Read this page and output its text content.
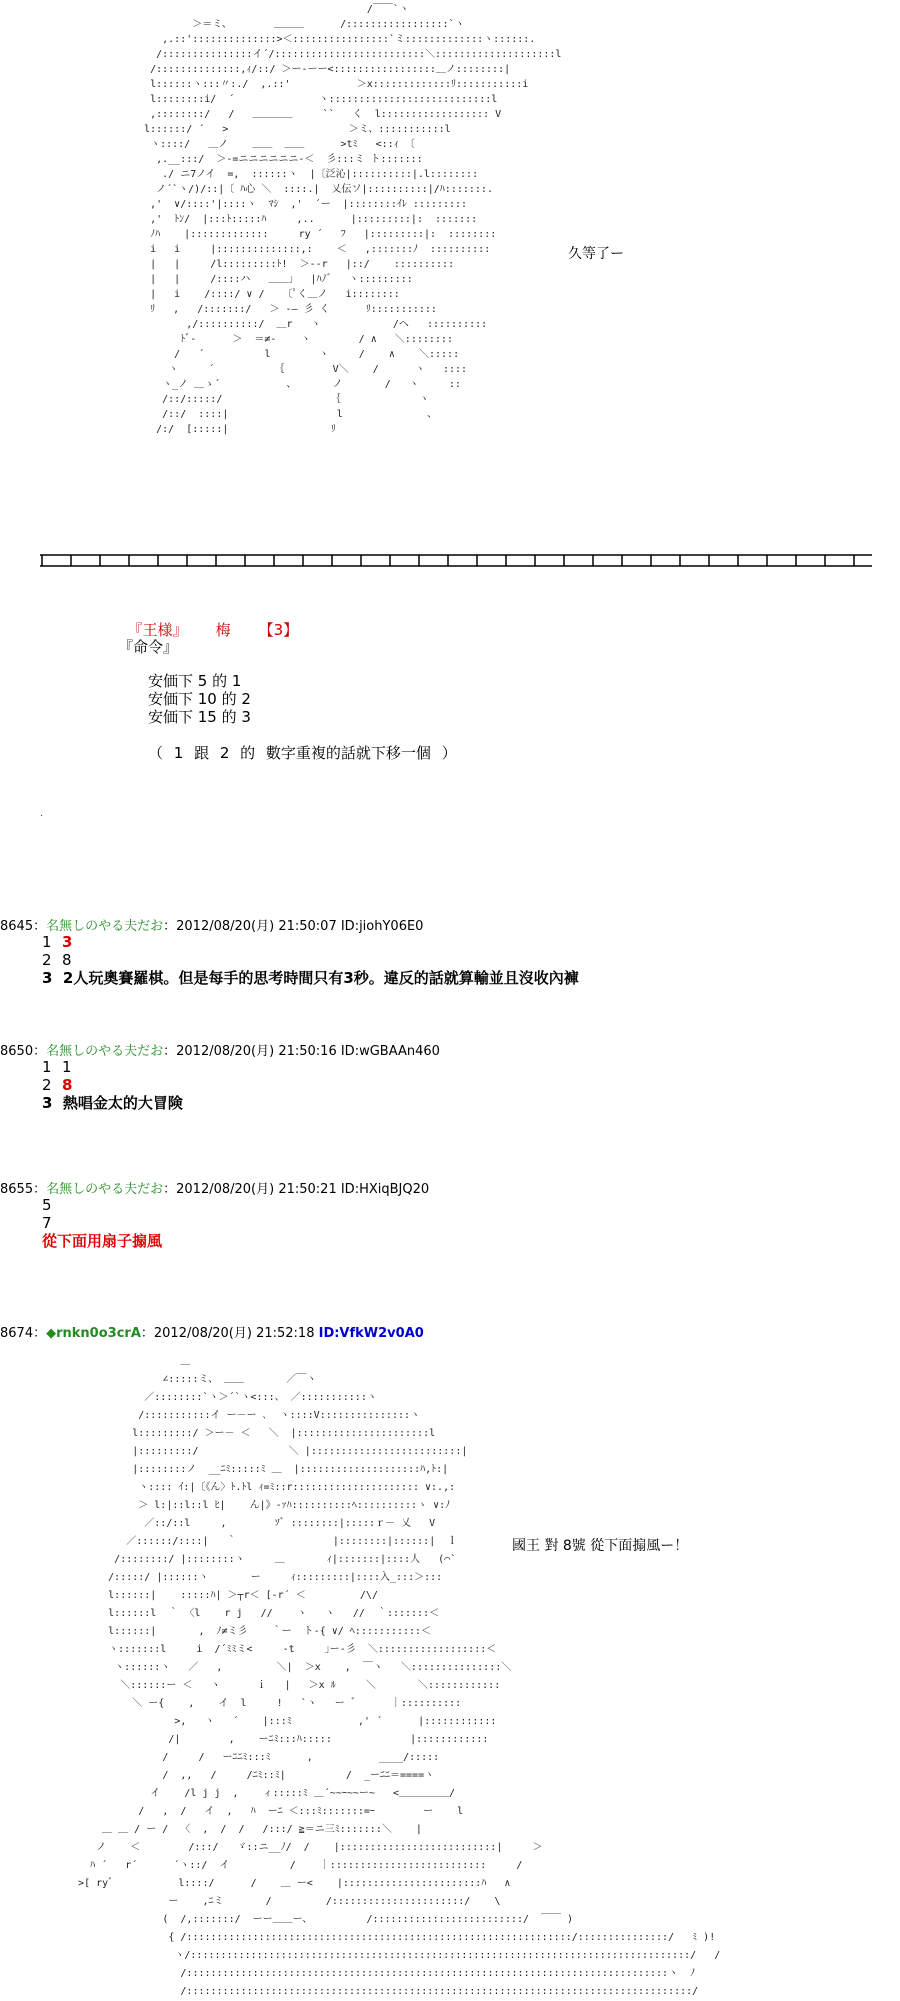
/￣￣`ヽ
＞＝ミ、       ＿＿＿      /:::::::::::::::::`ヽ
,.::'::::::::::::::>＜::::::::::::::::`ミ:::::::::::::ヽ::::::.
/:::::::::::::::イ´/:::::::::::::::::::::::::＼::::::::::::::::::::l
/::::::::::::::,ｨ/::/ ＞ー‐ーー<:::::::::::::::::＿ノ::::::::|
l::::::ヽ:::〃:./  ,.::'           ＞x:::::::::::::ﾘ:::::::::::i
l::::::::i/  ´              ヽ:::::::::::::::::::::::::::l
,::::::::/   /   ＿＿＿＿     ``   く  l:::::::::::::::::: V
l::::::/ ´   >                    ＞ミ、:::::::::::l
ヽ::::/   ＿ノ    ＿＿  ＿＿      >tﾐ   <::ｨ 〔
,.__:::/  ＞-=ニニニニニニ-＜  彡:::ミ ト:::::::
./ ニ7ノイ  =,  ::::::ヽ  |〔泛沁|::::::::::|.l::::::::
ノ´`ヽ/)/::|〔 ﾊ心 ＼  ::::.|  乂伝ソ|::::::::::|/ﾊ:::::::.
,'  ∨/::::'|::::ヽ  ﾏｼ  ,'  ´ー  |::::::::ｲﾚ :::::::::
,'  ﾄﾝ/  |:::ﾄ:::::ﾊ     ,..      |:::::::::|:  :::::::
ﾉﾊ    |:::::::::::::     ry ´   ﾌ   |:::::::::|:  ::::::::
i   i     |::::::::::::::,:    ＜   ,:::::::ﾉ  ::::::::::
|   |     /l:::::::::ﾄ!  ＞‐‐r   |::/    ::::::::::
|   |     /::::ハ   ＿＿」  |ﾊﾉ゛  ヽ:::::::::
|   i    /::::/ ∨ /   〔ﾟく＿ノ   i::::::::
ﾘ   ,   /:::::::/   ＞ ‐― 彡 く      ﾘ:::::::::::
,/::::::::::/  ＿r   ヽ            /ヘ   ::::::::::
ﾄﾞ‐      ＞  ＝≠-    ヽ        / ∧   ＼::::::::
/   ´          l        ヽ     /    ∧    ＼:::::
ヽ     ´          ｛        V＼    /      ヽ   ::::
ヽ_ノ ＿ゝ´           、      ノ       /   ヽ     ::
/::/:::::/                  ｛             ヽ
/::/  ::::|                  l              、
/:/  [:::::|                 ﾘ
久等了ー

『王様』 梅 【3】

『命令』
安価下 5 的 1
安価下 10 的 2
安価下 15 的 3
（ 1 跟 2 的 數字重複的話就下移一個 ）
.
8645：名無しのやる夫だお：2012/08/20(月) 21:50:07 ID:jiohY06E0
1 3
2 8
3 2人玩奧賽羅棋。但是每手的思考時間只有3秒。違反的話就算輸並且沒收內褲
8650：名無しのやる夫だお：2012/08/20(月) 21:50:16 ID:wGBAAn460
1 1
2 8
3 熱唱金太的大冒険
8655：名無しのやる夫だお：2012/08/20(月) 21:50:21 ID:HXiqBJQ20
5
7
從下面用扇子搧風
8674：◆rnkn0o3crA：2012/08/20(月) 21:52:18 ID:VfkW2v0A0
＿
∠:::::ミ、 ＿＿       ／￣ヽ
／::::::::`ヽ＞´`ヽ<:::、 ／:::::::::::ヽ
/:::::::::::イ ー－ー ､  ヽ::::V:::::::::::::::ヽ
l:::::::::/ ＞ー－ ＜   ＼  |::::::::::::::::::::::l
|:::::::::/               ＼ |:::::::::::::::::::::::::|
|::::::::ノ  __ﾆﾐ:::::ﾐ ＿  |::::::::::::::::::::ﾊ,ﾄ:|
ヽ:::: ｲ:|〔《ん〉ﾄ.ﾄl ｨ=ﾐ::r::::::::::::::::::::: ∨:.,:
＞ l:|::l::l ﾋ|    ん|》-ｧﾊ::::::::::ﾍ::::::::::ヽ ∨:ﾉ
／::/::l     ,        ｿﾞ ::::::::|:::::ｒ－ 乂   V
／::::::/::::|   ｀                |::::::::|::::::|  ｌ
/::::::::/ |::::::::ヽ     ＿       ｨ|:::::::|::::人   (⌒`
/:::::/ |::::::ヽ       ー     ｨ:::::::::|::::入_:::＞:::
l::::::|    :::::ﾊ| ＞┬r＜ [-r´ ＜         /\/
l::::::l  ｀ 〈l    r j   //    ヽ   ヽ   //  ｀:::::::＜
l::::::|       ,  ﾉ≠ミ彡    ｀ー  ト-{ ∨/ ﾍ:::::::::::＜
ヽ:::::::l     i  /´ﾐﾐミ<     -t     ｣ー-彡  ＼::::::::::::::::::＜
ヽ::::::ヽ   ／   ,         ＼|  ＞x    ,  ￣ヽ   ＼:::::::::::::::＼
＼::::::ー ＜   ヽ      ｉ   |   ＞x ﾙ     ＼       ＼::::::::::::
＼ ー{    ,    イ  l     !   `ヽ   ー ゛     ｜::::::::::
>,   ヽ   ´    |:::ﾐ           ,' ´      |::::::::::::
/|        ,    ーﾆﾐ:::ﾊ:::::             |::::::::::::
/     /   ーﾆﾆﾐ:::ﾐ      ,           ____/:::::
/  ,,   /     /ﾆﾐ::ﾐ|          /  _ーﾆﾆ＝====ヽ
イ    /l j j  ,    ィ:::::ﾐ ＿´~~ｰ~~ー~   <＿＿＿＿＿/
/   ,  /   イ  ,   ﾊ  ーﾆ ＜:::ﾐ:::::::=ｰ        ー    l
＿ ＿ / ー /  〈  ,  /  /   /:::/ ≧＝ニ三ﾐ:::::::＼    |
ノ    ＜        /:::/   ゞ::ニ__ﾉ/  /    |::::::::::::::::::::::::::|     ＞
ﾊ ´   r´      ´ヽ::/  イ          /    ｜::::::::::::::::::::::::::     /
>[ ry゛          l::::/      /    ＿ ー<    |:::::::::::::::::::::::ﾊ   ∧
ー    ,ﾆミ       /         /::::::::::::::::::::::/    \
(  /,:::::::/  ーー＿＿ー、         /:::::::::::::::::::::::::/  ￣￣ )
{ /::::::::::::::::::::::::::::::::::::::::::::::::::::::::::::::::/:::::::::::::::/   ﾐ )!
ヽ/:::::::::::::::::::::::::::::::::::::::::::::::::::::::::::::::::::::::::::::::::::/   /
/::::::::::::::::::::::::::::::::::::::::::::::::::::::::::::::::::::::::::::::::ヽ  ﾉ
/::::::::::::::::::::::::::::::::::::::::::::::::::::::::::::::::::::::::::::::::::::/
國王 對 8號 從下面搧風ー！
